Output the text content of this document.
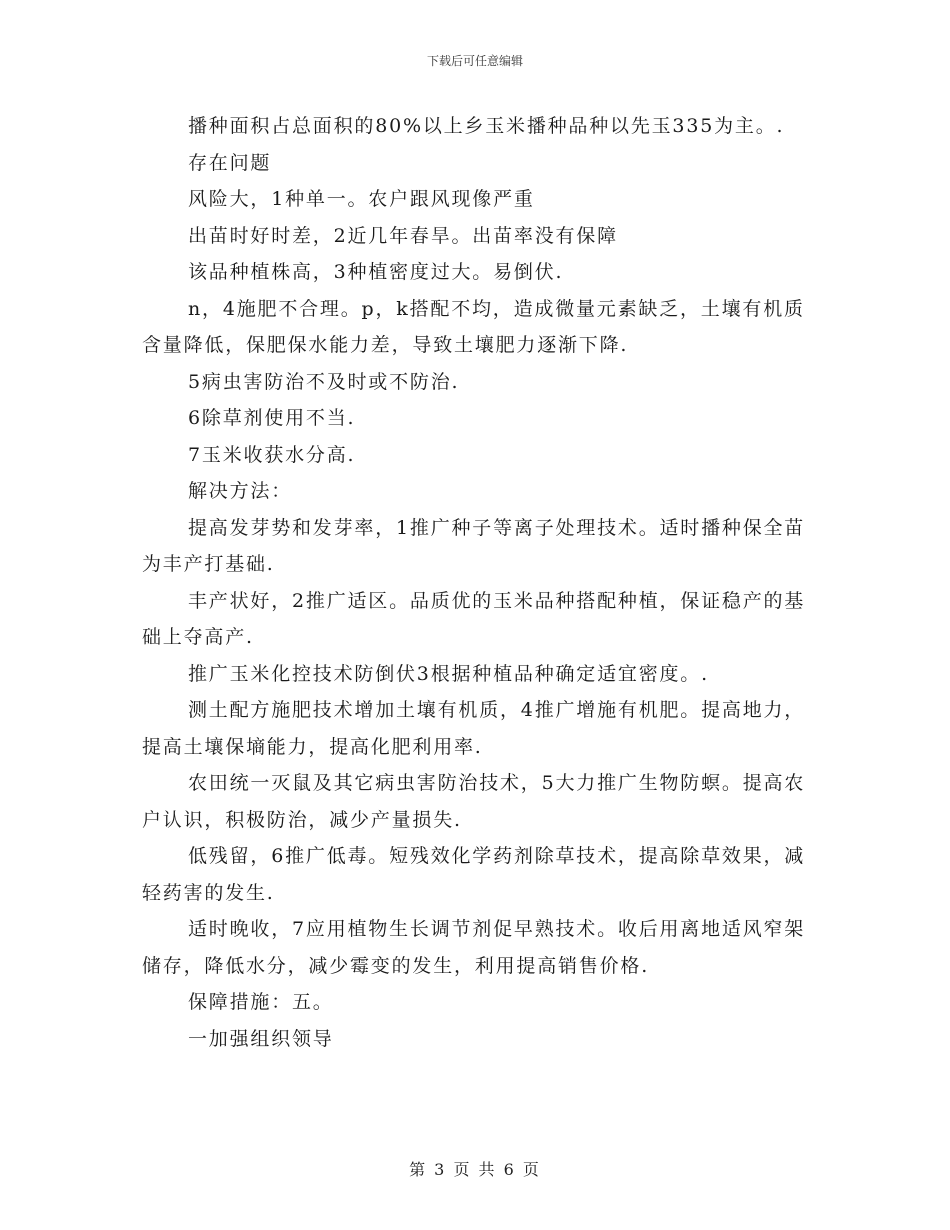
下载后可任意编辑

播种面积占总面积的80%以上乡玉米播种品种以先玉335为主。.

存在问题

风险大，1种单一。农户跟风现像严重

出苗时好时差，2近几年春旱。出苗率没有保障

该品种植株高，3种植密度过大。易倒伏.

n，4施肥不合理。p，k搭配不均，造成微量元素缺乏，土壤有机质含量降低，保肥保水能力差，导致土壤肥力逐渐下降.

5病虫害防治不及时或不防治.

6除草剂使用不当.

7玉米收获水分高.

解决方法：

提高发芽势和发芽率，1推广种子等离子处理技术。适时播种保全苗为丰产打基础.

丰产状好，2推广适区。品质优的玉米品种搭配种植，保证稳产的基础上夺高产.

推广玉米化控技术防倒伏3根据种植品种确定适宜密度。.

测土配方施肥技术增加土壤有机质，4推广增施有机肥。提高地力，提高土壤保墒能力，提高化肥利用率.

农田统一灭鼠及其它病虫害防治技术，5大力推广生物防螟。提高农户认识，积极防治，减少产量损失.

低残留，6推广低毒。短残效化学药剂除草技术，提高除草效果，减轻药害的发生.

适时晚收，7应用植物生长调节剂促早熟技术。收后用离地适风窄架储存，降低水分，减少霉变的发生，利用提高销售价格.

保障措施：五。

一加强组织领导

第 3 页 共 6 页
